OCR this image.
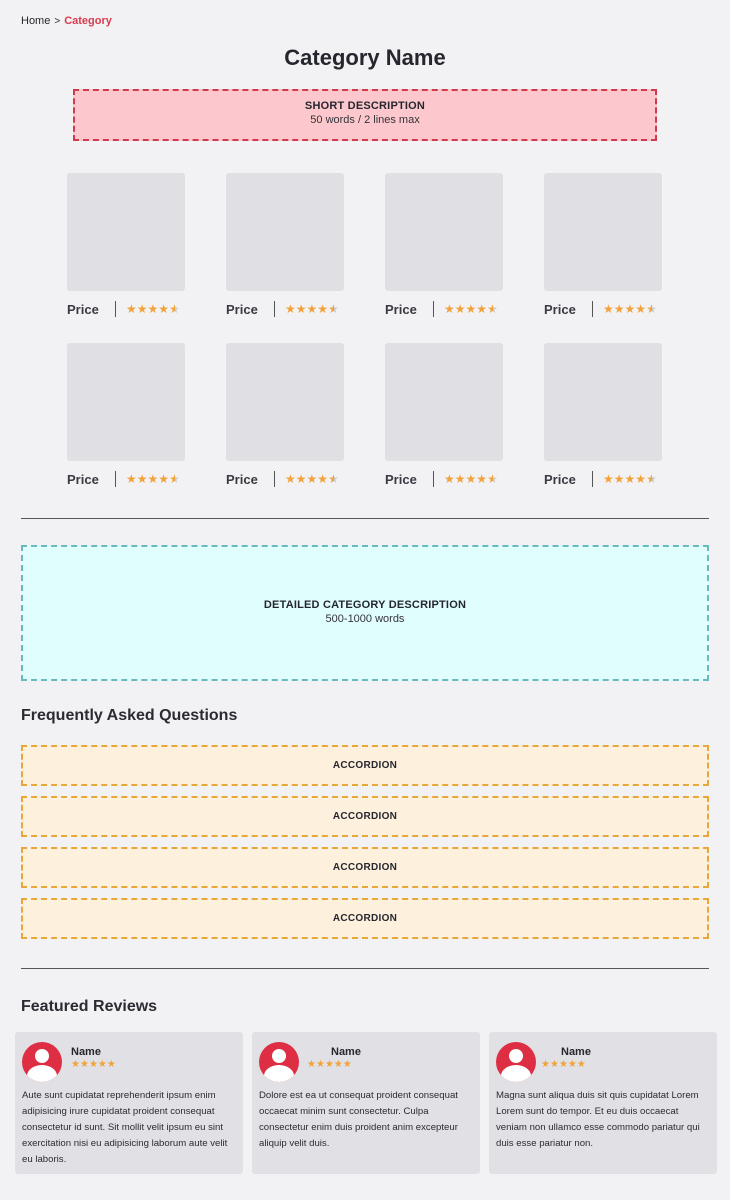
Home > Category
Category Name
SHORT DESCRIPTION
50 words / 2 lines max
Price	★ ★ ★ ★ ★	Price	★ ★ ★ ★ ★	Price	★ ★ ★ ★ ★	Price	★ ★ ★ ★ ★
Price	★ ★ ★ ★ ★	Price	★ ★ ★ ★ ★	Price	★ ★ ★ ★ ★	Price	★ ★ ★ ★ ★
DETAILED CATEGORY DESCRIPTION
500-1000 words
Frequently Asked Questions
ACCORDION
ACCORDION
ACCORDION
ACCORDION
Featured Reviews
Name
★ ★ ★ ★ ★

Aute sunt cupidatat reprehenderit ipsum enim adipisicing irure cupidatat proident consequat consectetur id sunt. Sit mollit velit ipsum eu sint exercitation nisi eu adipisicing laborum aute velit eu laboris.

Name
★ ★ ★ ★ ★

Dolore est ea ut consequat proident consequat occaecat minim sunt consectetur. Culpa consectetur enim duis proident anim excepteur aliquip velit duis.

Name
★ ★ ★ ★ ★

Magna sunt aliqua duis sit quis cupidatat Lorem Lorem sunt do tempor. Et eu duis occaecat veniam non ullamco esse commodo pariatur qui duis esse pariatur non.
